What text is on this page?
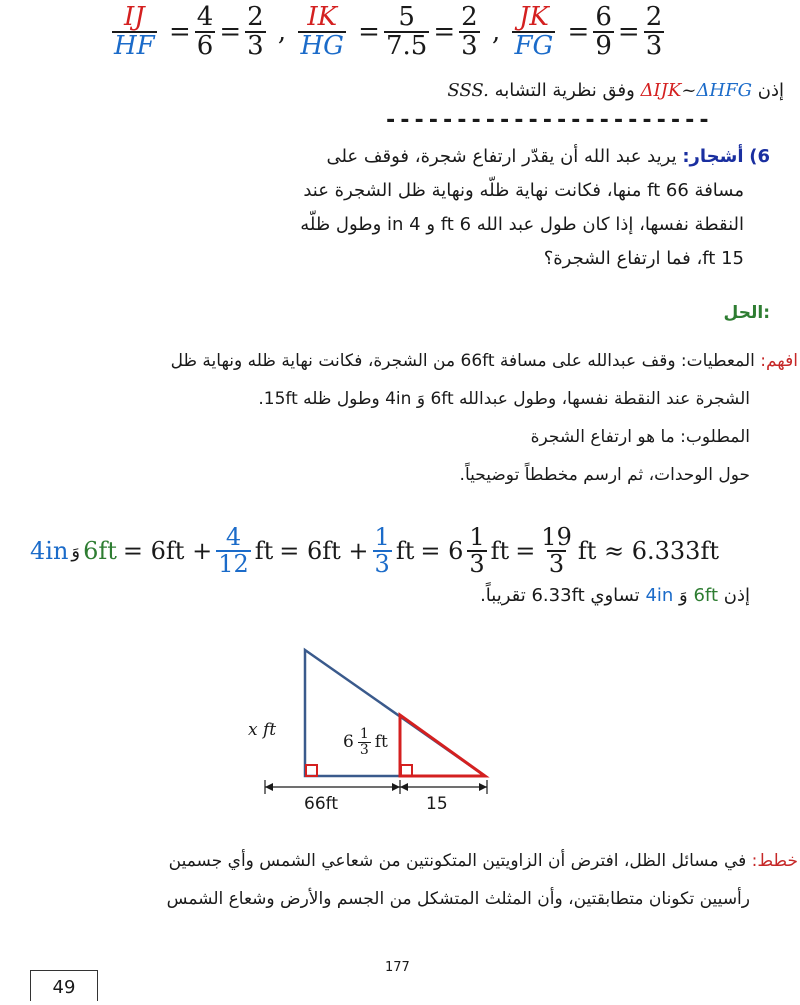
$\frac{IJ}{HF} = \frac{4}{6} = \frac{2}{3}$ , $\frac{IK}{HG} = \frac{5}{7.5} = \frac{2}{3}$ , $\frac{JK}{FG} = \frac{6}{9} = \frac{2}{3}$
إذن ΔIJK~ΔHFG وفق نظرية التشابه SSS.
-----------------------
6) أشجار: يريد عبد الله أن يقدّر ارتفاع شجرة، فوقف على
مسافة 66 ft منها، فكانت نهاية ظلّه ونهاية ظل الشجرة عند
النقطة نفسها، إذا كان طول عبد الله 6 ft و 4 in وطول ظلّه
15 ft، فما ارتفاع الشجرة؟
الحل:
افهم: المعطيات: وقف عبدالله على مسافة 66ft من الشجرة، فكانت نهاية ظله ونهاية ظل
الشجرة عند النقطة نفسها، وطول عبدالله 6ft وَ 4in وطول ظله 15ft.
المطلوب: ما هو ارتفاع الشجرة
حول الوحدات، ثم ارسم مخططاً توضيحياً.
4in وَ $6ft = 6ft + \frac{4}{12}$ ft = $6ft + \frac{1}{3}$ ft = $6 \frac{1}{3}$ ft = $\frac{19}{3}$ ft ≈ 6.333ft
إذن 6ft وَ 4in تساوي 6.33ft تقريباً.
x ft
$6 \frac{1}{3}$ ft
66ft	15
خطط: في مسائل الظل، افترض أن الزاويتين المتكونتين من شعاعي الشمس وأي جسمين
رأسيين تكونان متطابقتين، وأن المثلث المتشكل من الجسم والأرض وشعاع الشمس
177
49
